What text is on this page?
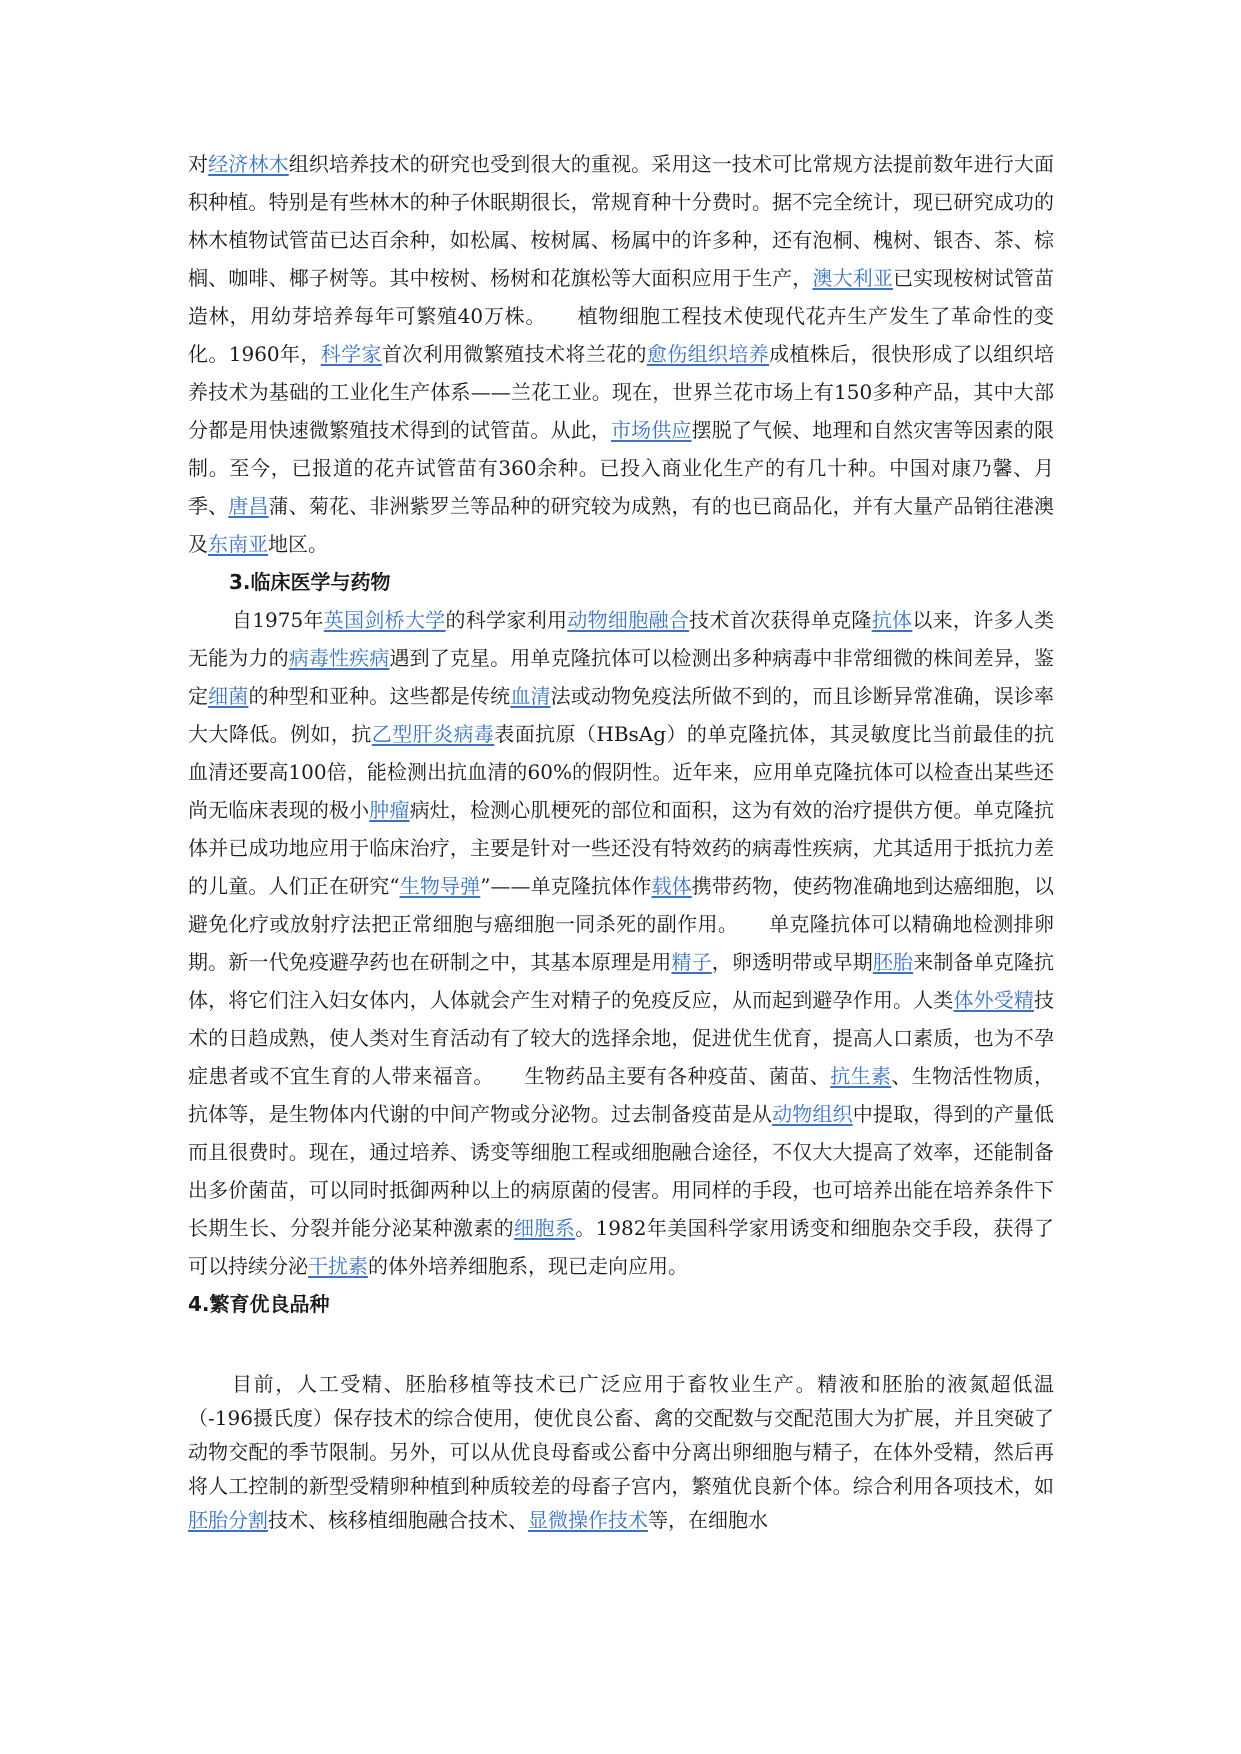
对经济林木组织培养技术的研究也受到很大的重视。采用这一技术可比常规方法提前数年进行大面积种植。特别是有些林木的种子休眠期很长，常规育种十分费时。据不完全统计，现已研究成功的林木植物试管苗已达百余种，如松属、桉树属、杨属中的许多种，还有泡桐、槐树、银杏、茶、棕榈、咖啡、椰子树等。其中桉树、杨树和花旗松等大面积应用于生产，澳大利亚已实现桉树试管苗造林，用幼芽培养每年可繁殖40万株。　　植物细胞工程技术使现代花卉生产发生了革命性的变化。1960年，科学家首次利用微繁殖技术将兰花的愈伤组织培养成植株后，很快形成了以组织培养技术为基础的工业化生产体系——兰花工业。现在，世界兰花市场上有150多种产品，其中大部分都是用快速微繁殖技术得到的试管苗。从此，市场供应摆脱了气候、地理和自然灾害等因素的限制。至今，已报道的花卉试管苗有360余种。已投入商业化生产的有几十种。中国对康乃馨、月季、唐昌蒲、菊花、非洲紫罗兰等品种的研究较为成熟，有的也已商品化，并有大量产品销往港澳及东南亚地区。

3.临床医学与药物

自1975年英国剑桥大学的科学家利用动物细胞融合技术首次获得单克隆抗体以来，许多人类无能为力的病毒性疾病遇到了克星。用单克隆抗体可以检测出多种病毒中非常细微的株间差异，鉴定细菌的种型和亚种。这些都是传统血清法或动物免疫法所做不到的，而且诊断异常准确，误诊率大大降低。例如，抗乙型肝炎病毒表面抗原（HBsAg）的单克隆抗体，其灵敏度比当前最佳的抗血清还要高100倍，能检测出抗血清的60%的假阴性。近年来，应用单克隆抗体可以检查出某些还尚无临床表现的极小肿瘤病灶，检测心肌梗死的部位和面积，这为有效的治疗提供方便。单克隆抗体并已成功地应用于临床治疗，主要是针对一些还没有特效药的病毒性疾病，尤其适用于抵抗力差的儿童。人们正在研究“生物导弹”——单克隆抗体作载体携带药物，使药物准确地到达癌细胞，以避免化疗或放射疗法把正常细胞与癌细胞一同杀死的副作用。　　单克隆抗体可以精确地检测排卵期。新一代免疫避孕药也在研制之中，其基本原理是用精子，卵透明带或早期胚胎来制备单克隆抗体，将它们注入妇女体内，人体就会产生对精子的免疫反应，从而起到避孕作用。人类体外受精技术的日趋成熟，使人类对生育活动有了较大的选择余地，促进优生优育，提高人口素质，也为不孕症患者或不宜生育的人带来福音。　　生物药品主要有各种疫苗、菌苗、抗生素、生物活性物质，抗体等，是生物体内代谢的中间产物或分泌物。过去制备疫苗是从动物组织中提取，得到的产量低而且很费时。现在，通过培养、诱变等细胞工程或细胞融合途径，不仅大大提高了效率，还能制备出多价菌苗，可以同时抵御两种以上的病原菌的侵害。用同样的手段，也可培养出能在培养条件下长期生长、分裂并能分泌某种激素的细胞系。1982年美国科学家用诱变和细胞杂交手段，获得了可以持续分泌干扰素的体外培养细胞系，现已走向应用。

4.繁育优良品种

目前，人工受精、胚胎移植等技术已广泛应用于畜牧业生产。精液和胚胎的液氮超低温（-196摄氏度）保存技术的综合使用，使优良公畜、禽的交配数与交配范围大为扩展，并且突破了动物交配的季节限制。另外，可以从优良母畜或公畜中分离出卵细胞与精子，在体外受精，然后再将人工控制的新型受精卵种植到种质较差的母畜子宫内，繁殖优良新个体。综合利用各项技术，如胚胎分割技术、核移植细胞融合技术、显微操作技术等，在细胞水
